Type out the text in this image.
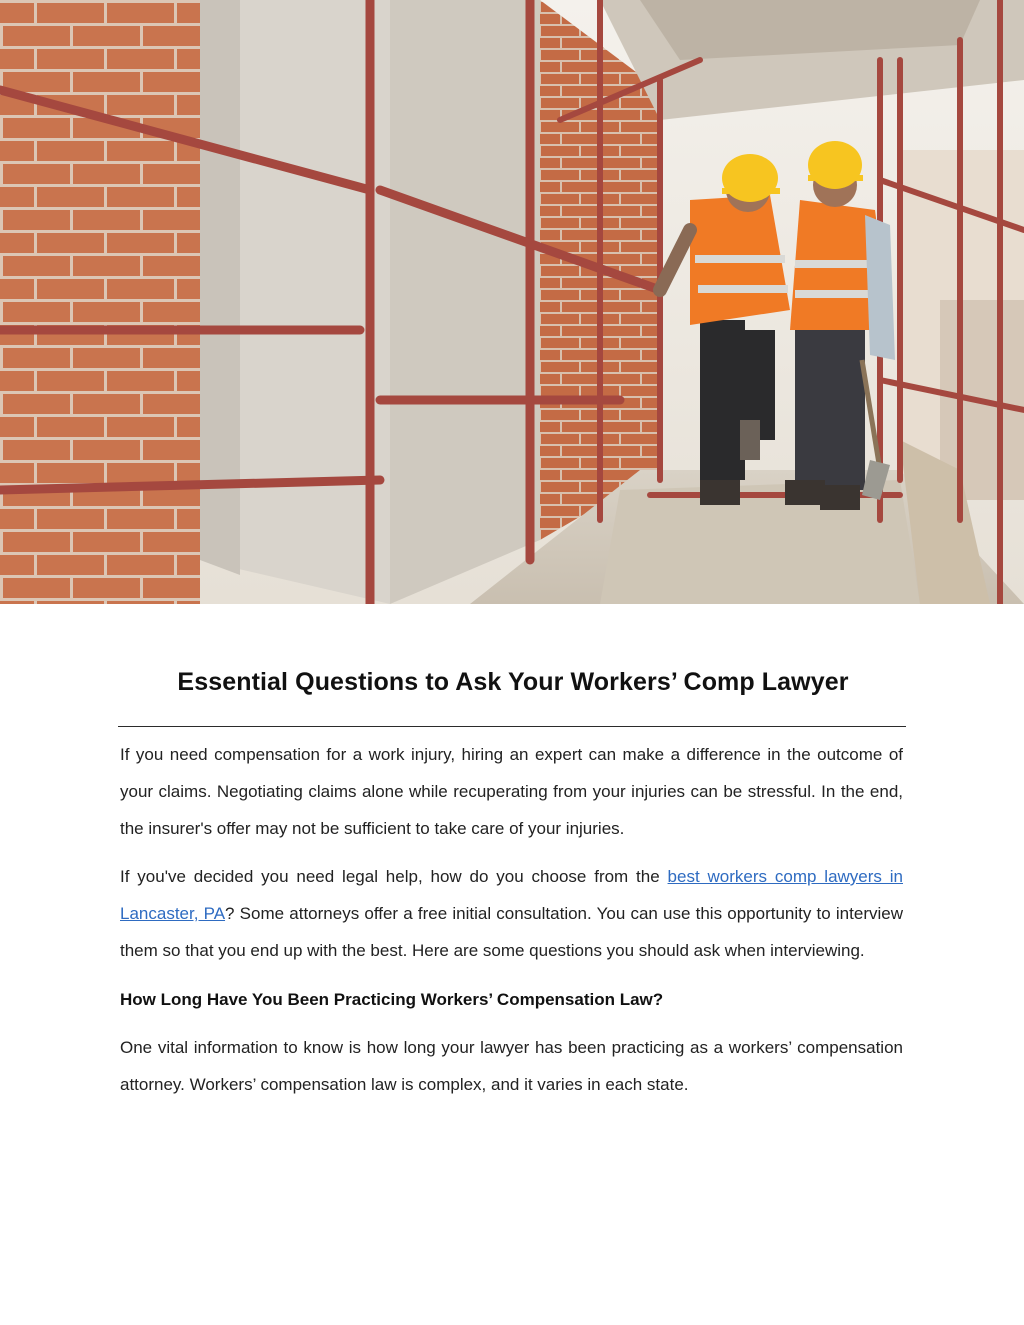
Essential Questions to Ask Your Workers’ Comp Lawyer

If you need compensation for a work injury, hiring an expert can make a difference in the outcome of your claims. Negotiating claims alone while recuperating from your injuries can be stressful. In the end, the insurer's offer may not be sufficient to take care of your injuries.

If you've decided you need legal help, how do you choose from the best workers comp lawyers in Lancaster, PA? Some attorneys offer a free initial consultation. You can use this opportunity to interview them so that you end up with the best. Here are some questions you should ask when interviewing.

How Long Have You Been Practicing Workers’ Compensation Law?

One vital information to know is how long your lawyer has been practicing as a workers’ compensation attorney. Workers’ compensation law is complex, and it varies in each state.
